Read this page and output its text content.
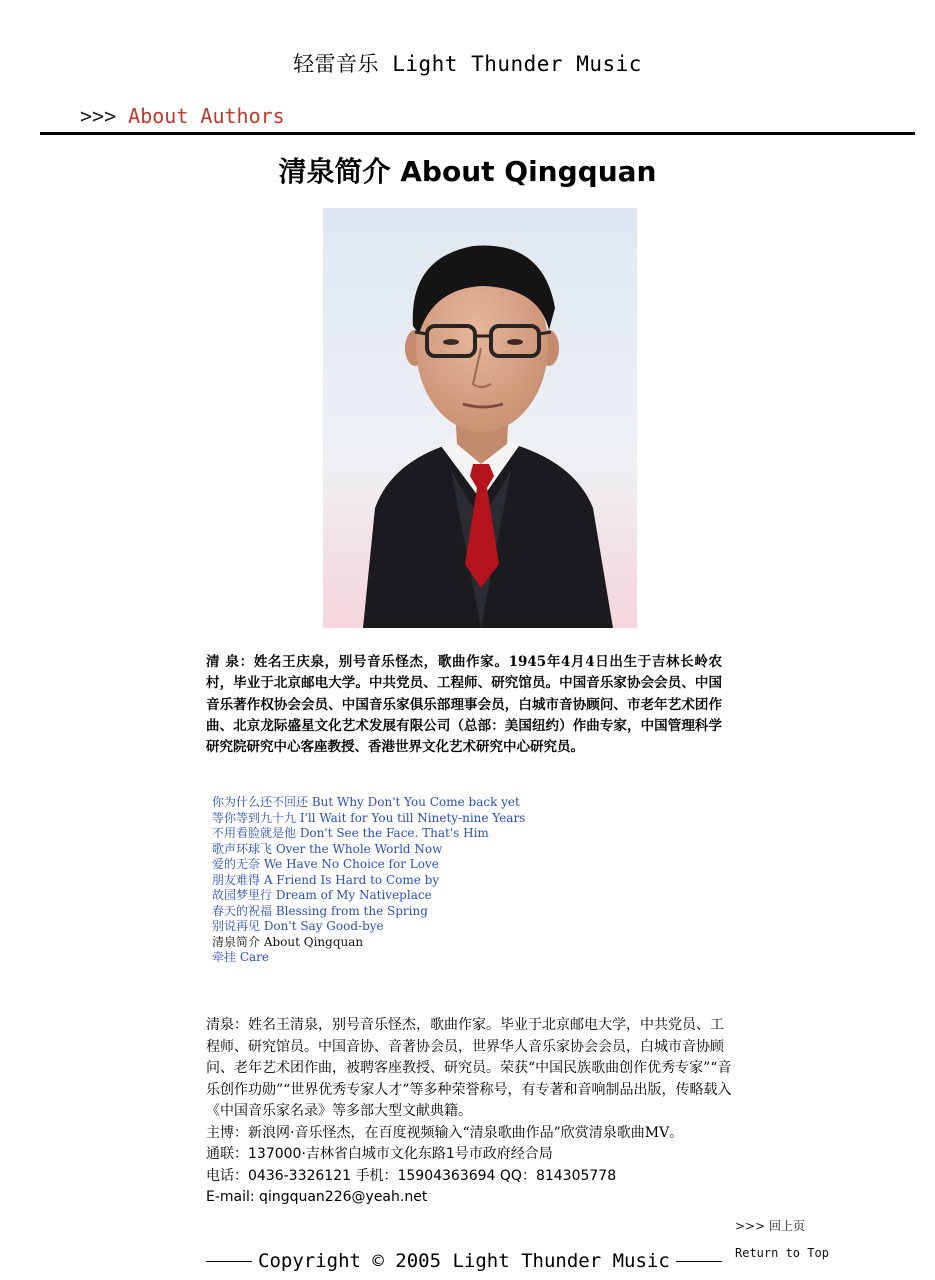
轻雷音乐 Light Thunder Music
>>> About Authors
清泉简介 About Qingquan
清 泉：姓名王庆泉，别号音乐怪杰，歌曲作家。1945年4月4日出生于吉林长岭农村，毕业于北京邮电大学。中共党员、工程师、研究馆员。中国音乐家协会会员、中国音乐著作权协会会员、中国音乐家俱乐部理事会员，白城市音协顾问、市老年艺术团作曲、北京龙际盛星文化艺术发展有限公司（总部：美国纽约）作曲专家，中国管理科学研究院研究中心客座教授、香港世界文化艺术研究中心研究员。
你为什么还不回还 But Why Don't You Come back yet
等你等到九十九 I'll Wait for You till Ninety-nine Years
不用看脸就是他 Don't See the Face. That's Him
歌声环球飞 Over the Whole World Now
爱的无奈 We Have No Choice for Love
朋友难得 A Friend Is Hard to Come by
故园梦里行 Dream of My Nativeplace
春天的祝福 Blessing from the Spring
别说再见 Don't Say Good-bye
清泉简介 About Qingquan
牵挂 Care

清泉：姓名王清泉，别号音乐怪杰，歌曲作家。毕业于北京邮电大学，中共党员、工程师、研究馆员。中国音协、音著协会员，世界华人音乐家协会会员，白城市音协顾问、老年艺术团作曲，被聘客座教授、研究员。荣获“中国民族歌曲创作优秀专家”“音乐创作功勋”“世界优秀专家人才”等多种荣誉称号，有专著和音响制品出版，传略载入《中国音乐家名录》等多部大型文献典籍。

主博：新浪网·音乐怪杰，在百度视频输入“清泉歌曲作品”欣赏清泉歌曲MV。

通联：137000·吉林省白城市文化东路1号市政府经合局

电话：0436-3326121 手机：15904363694 QQ：814305778

E-mail: qingquan226@yeah.net

>>> 回上页
Return to Top
Copyright © 2005 Light Thunder Music
